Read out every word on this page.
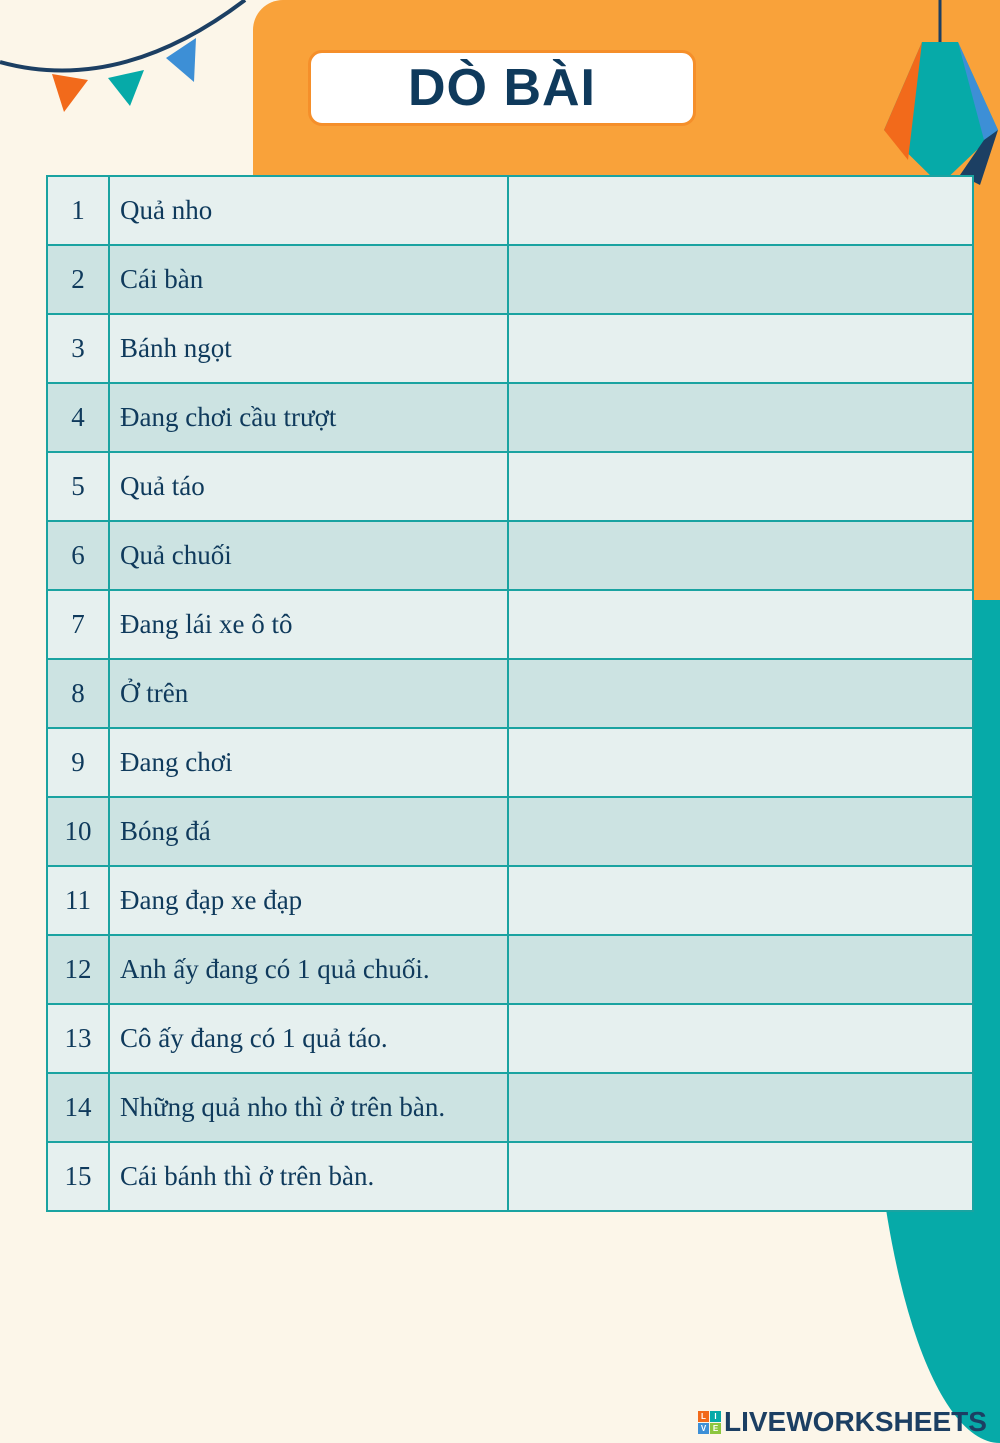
DÒ BÀI
1	Quả nho	
2	Cái bàn	
3	Bánh ngọt	
4	Đang chơi cầu trượt	
5	Quả táo	
6	Quả chuối	
7	Đang lái xe ô tô	
8	Ở trên	
9	Đang chơi	
10	Bóng đá	
11	Đang đạp xe đạp	
12	Anh ấy đang có 1 quả chuối.	
13	Cô ấy đang có 1 quả táo.	
14	Những quả nho thì ở trên bàn.	
15	Cái bánh thì ở trên bàn.	
L	I
V E LIVEWORKSHEETS
